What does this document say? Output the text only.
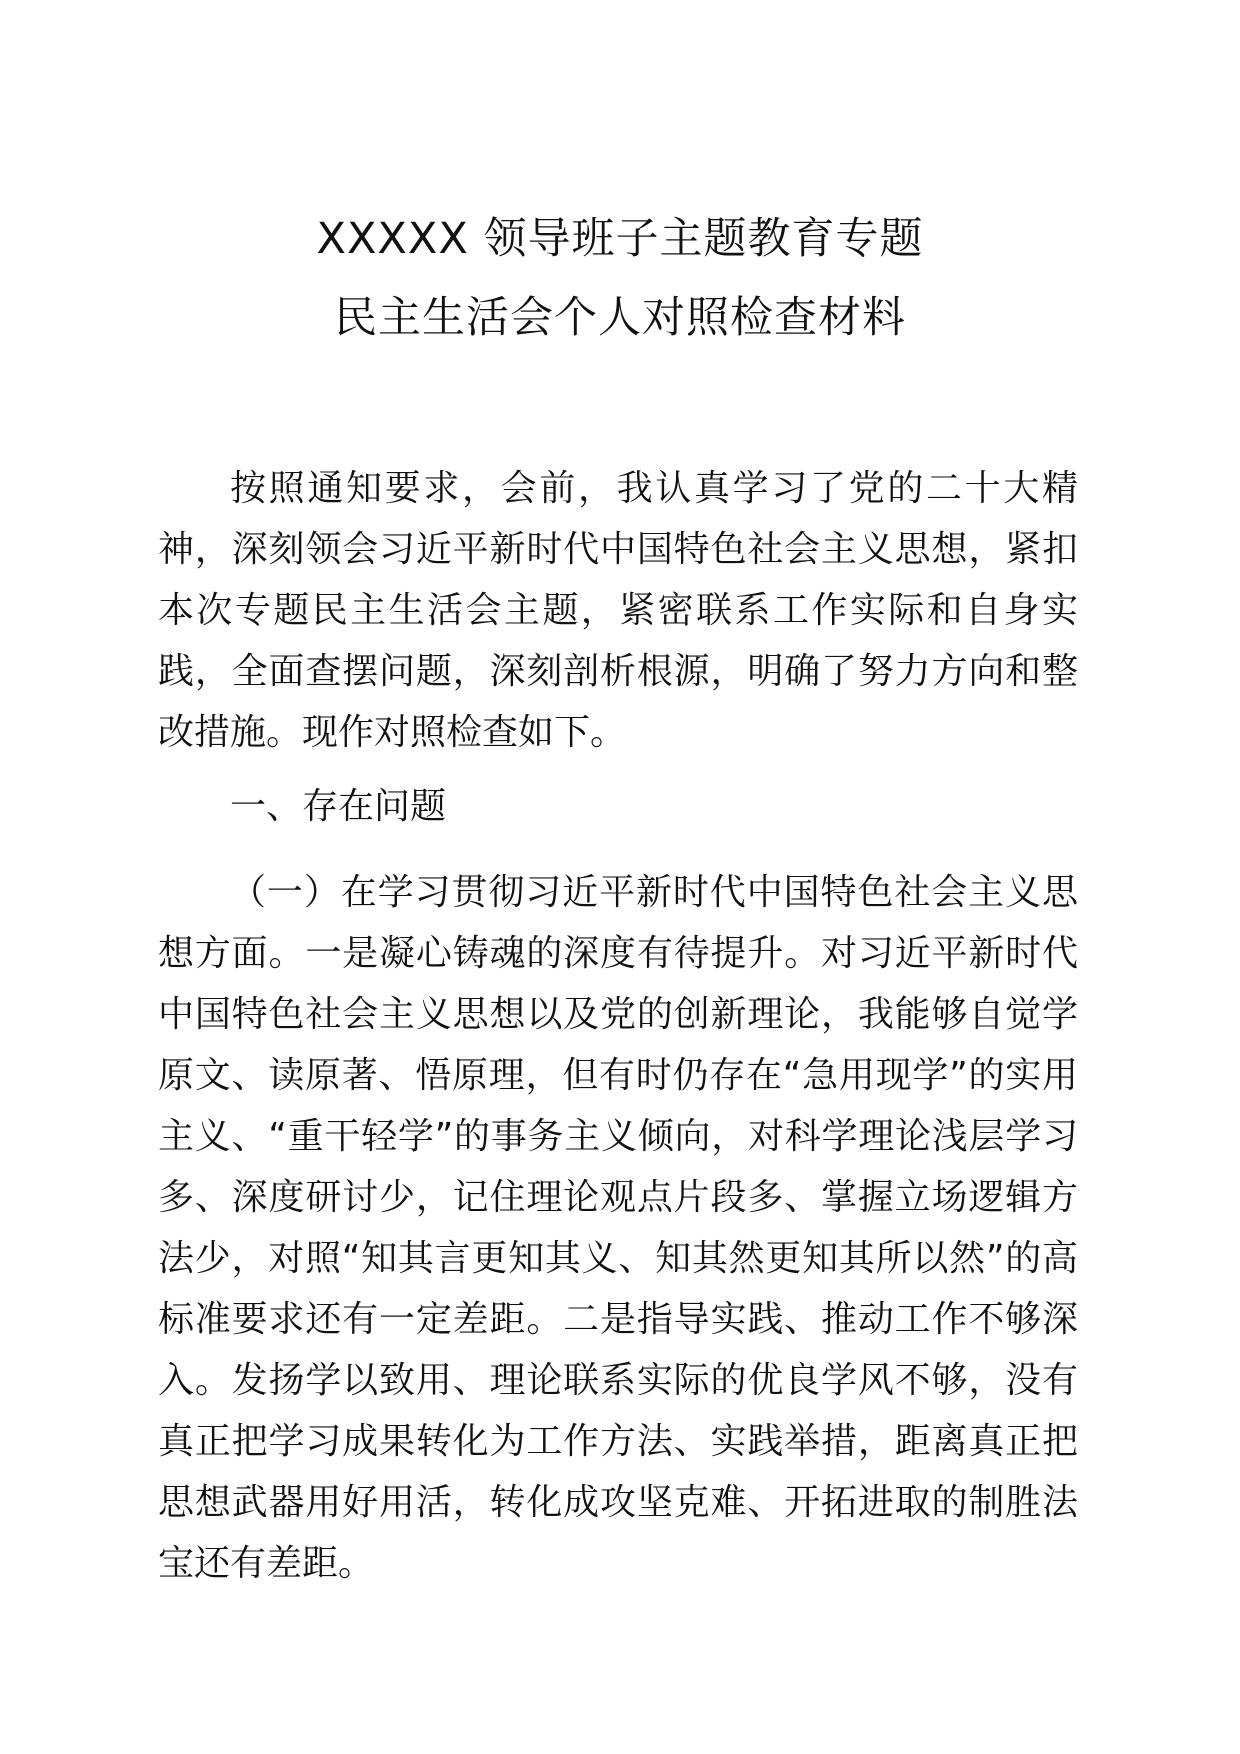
XXXXX 领导班子主题教育专题
民主生活会个人对照检查材料

按照通知要求，会前，我认真学习了党的二十大精神，深刻领会习近平新时代中国特色社会主义思想，紧扣本次专题民主生活会主题，紧密联系工作实际和自身实践，全面查摆问题，深刻剖析根源，明确了努力方向和整改措施。现作对照检查如下。

一、存在问题

（一）在学习贯彻习近平新时代中国特色社会主义思想方面。一是凝心铸魂的深度有待提升。对习近平新时代中国特色社会主义思想以及党的创新理论，我能够自觉学原文、读原著、悟原理，但有时仍存在“急用现学”的实用主义、“重干轻学”的事务主义倾向，对科学理论浅层学习多、深度研讨少，记住理论观点片段多、掌握立场逻辑方法少，对照“知其言更知其义、知其然更知其所以然”的高标准要求还有一定差距。二是指导实践、推动工作不够深入。发扬学以致用、理论联系实际的优良学风不够，没有真正把学习成果转化为工作方法、实践举措，距离真正把思想武器用好用活，转化成攻坚克难、开拓进取的制胜法宝还有差距。
